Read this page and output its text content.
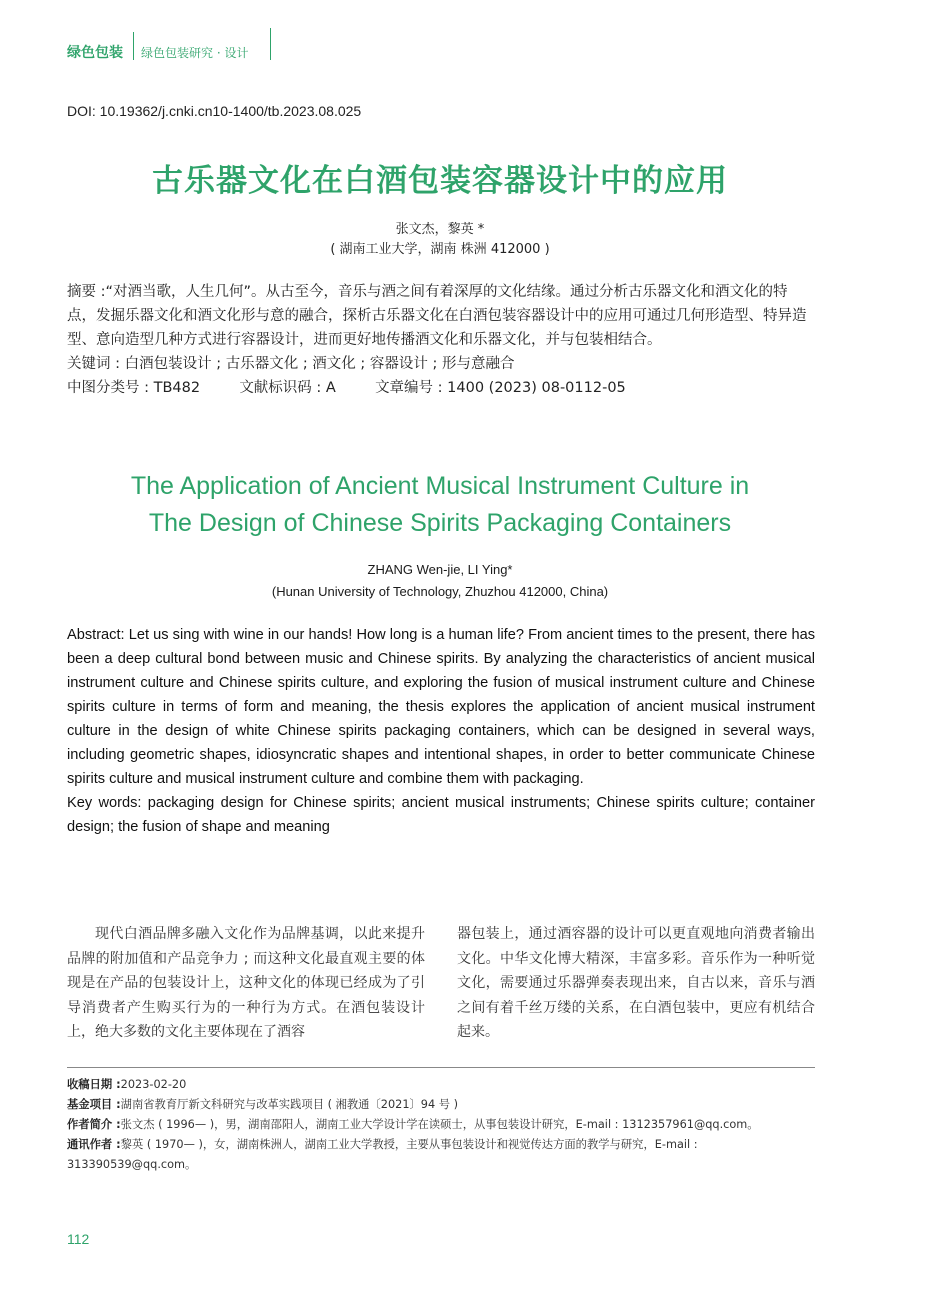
绿色包装 绿色包装研究 · 设计
DOI: 10.19362/j.cnki.cn10-1400/tb.2023.08.025
古乐器文化在白酒包装容器设计中的应用
张文杰，黎英 *
( 湖南工业大学，湖南 株洲 412000 )

摘要 :“对酒当歌，人生几何”。从古至今，音乐与酒之间有着深厚的文化结缘。通过分析古乐器文化和酒文化的特点，发掘乐器文化和酒文化形与意的融合，探析古乐器文化在白酒包装容器设计中的应用可通过几何形造型、特异造型、意向造型几种方式进行容器设计，进而更好地传播酒文化和乐器文化，并与包装相结合。

关键词 : 白酒包装设计 ; 古乐器文化 ; 酒文化 ; 容器设计 ; 形与意融合

中图分类号 : TB482	文献标识码 : A	文章编号 : 1400 (2023) 08-0112-05

The Application of Ancient Musical Instrument Culture in
The Design of Chinese Spirits Packaging Containers
ZHANG Wen-jie, LI Ying*
(Hunan University of Technology, Zhuzhou 412000, China)

Abstract: Let us sing with wine in our hands! How long is a human life? From ancient times to the present, there has been a deep cultural bond between music and Chinese spirits. By analyzing the characteristics of ancient musical instrument culture and Chinese spirits culture, and exploring the fusion of musical instrument culture and Chinese spirits culture in terms of form and meaning, the thesis explores the application of ancient musical instrument culture in the design of white Chinese spirits packaging containers, which can be designed in several ways, including geometric shapes, idiosyncratic shapes and intentional shapes, in order to better communicate Chinese spirits culture and musical instrument culture and combine them with packaging.

Key words: packaging design for Chinese spirits; ancient musical instruments; Chinese spirits culture; container design; the fusion of shape and meaning

现代白酒品牌多融入文化作为品牌基调，以此来提升品牌的附加值和产品竞争力 ; 而这种文化最直观主要的体现是在产品的包装设计上，这种文化的体现已经成为了引导消费者产生购买行为的一种行为方式。在酒包装设计上，绝大多数的文化主要体现在了酒容
器包装上，通过酒容器的设计可以更直观地向消费者输出文化。中华文化博大精深，丰富多彩。音乐作为一种听觉文化，需要通过乐器弹奏表现出来，自古以来，音乐与酒之间有着千丝万缕的关系，在白酒包装中，更应有机结合起来。
收稿日期 :2023-02-20
基金项目 :湖南省教育厅新文科研究与改革实践项目 ( 湘教通〔2021〕94 号 )
作者简介 :张文杰 ( 1996— )，男，湖南邵阳人，湖南工业大学设计学在读硕士，从事包装设计研究，E-mail : 1312357961@qq.com。
通讯作者 :黎英 ( 1970— )，女，湖南株洲人，湖南工业大学教授，主要从事包装设计和视觉传达方面的教学与研究，E-mail : 313390539@qq.com。
112
